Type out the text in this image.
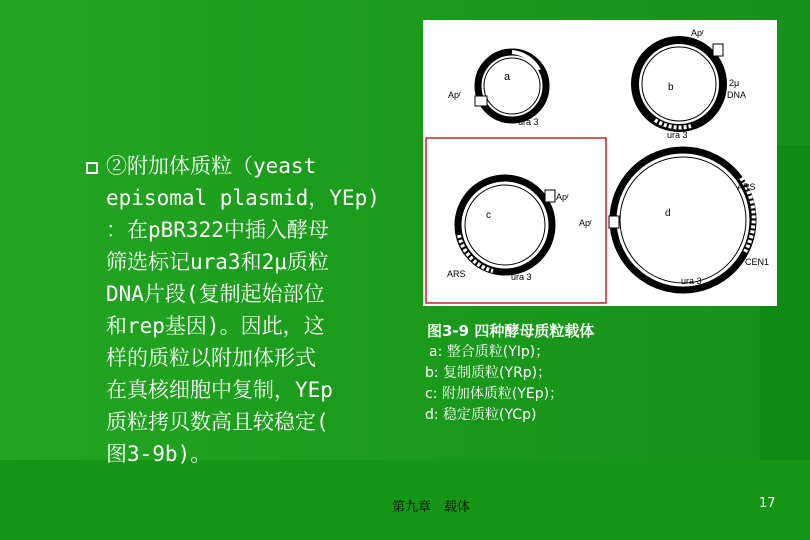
②附加体质粒（yeast
episomal plasmid，YEp)
：在pBR322中插入酵母
筛选标记ura3和2μ质粒
DNA片段(复制起始部位
和rep基因)。因此，这
样的质粒以附加体形式
在真核细胞中复制，YEp
质粒拷贝数高且较稳定(
图3-9b)。
a
Apʳ
ura 3
b
Apʳ
2μ
DNA
ura 3
c
Apʳ
ARS	ura 3
d
Apʳ
ARS
CEN1
ura 3
图3-9 四种酵母质粒载体
a: 整合质粒(YIp)；
b: 复制质粒(YRp)；
c: 附加体质粒(YEp)；
d: 稳定质粒(YCp)
第九章　载体	17
